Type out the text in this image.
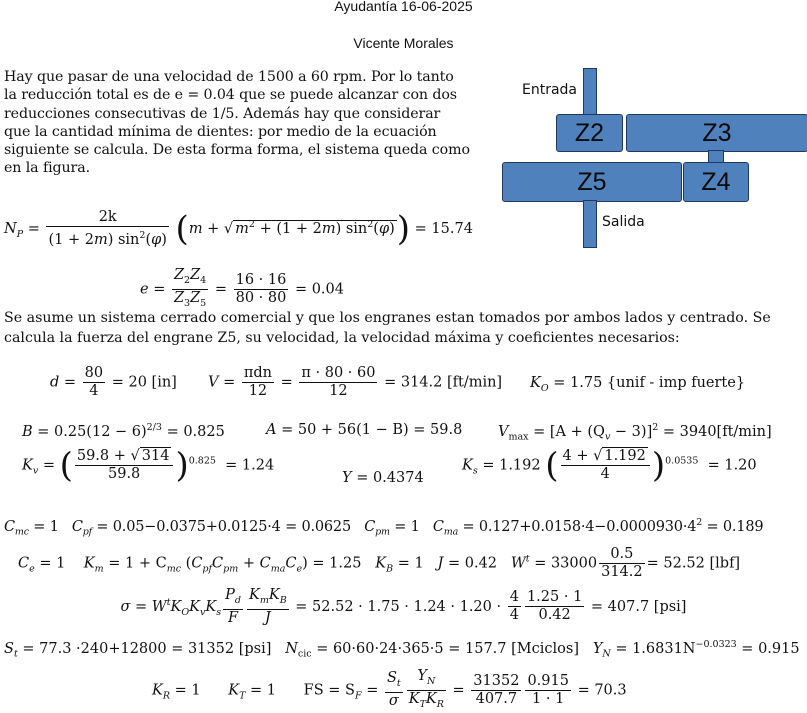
Ayudantía 16-06-2025
Vicente Morales
Hay que pasar de una velocidad de 1500 a 60 rpm. Por lo tanto
la reducción total es de e = 0.04 que se puede alcanzar con dos
reducciones consecutivas de 1/5. Además hay que considerar
que la cantidad mínima de dientes: por medio de la ecuación
siguiente se calcula. De esta forma forma, el sistema queda como
en la figura.
Entrada
Z2	Z3
Z5	Z4
Salida
$N_P = \frac{2k}{(1 + 2m) \sin^2(\varphi)} (m$ + √ $m^2 + (1 + 2m) \sin^2(\varphi)) = 15.74$
$e = \frac{Z_2Z_4}{Z_3Z_5} = \frac{16 \cdot 16}{80 \cdot 80} = 0.04$
Se asume un sistema cerrado comercial y que los engranes estan tomados por ambos lados y centrado. Se
calcula la fuerza del engrane Z5, su velocidad, la velocidad máxima y coeficientes necesarios:
$d = \frac{80}{4} = 20$ [in] $V = \frac{\text{πdn}}{12} = \frac{\pi \cdot 80 \cdot 60}{12} = 314.2$ [ft/min] $K_O = 1.75$ {unif - imp fuerte}
$B = 0.25(12 - 6)^{2/3} = 0.825$	A = 50 + 56(1 − B) = 59.8 $V_{max} = [A + (Q_v - 3)]^2 = 3940[ft/\min]$
$K_v$ = ( $\frac{59.8 + √ 314}{59.8} )^{0.825} = 1.24$
Y = 0.4374
$K_s = 1.192$ ( $\frac{4 + √ 1.192}{4} )^{0.0535} = 1.20$
$C_{mc} = 1$ $C_{pf} = 0.05-0.0375+0.0125\cdot 4 = 0.0625$ $C_{pm} = 1$ $C_{ma} = 0.127+0.0158\cdot 4-0.0000930\cdot 4^2 = 0.189$
$C_e = 1$ $K_m = 1 + C_{mc}$ $(C_{pf}C_{pm} + C_{ma}C_e) = 1.25$ $K_B = 1$ J = 0.42 $W^t = 33000 \frac{0.5}{314.2} = 52.52$ [lbf]
$\sigma = W^tK_OK_vK_s \frac{P_d}{F} \frac{K_mK_B}{J} = 52.52 \cdot 1.75 \cdot 1.24 \cdot 1.20 \cdot \frac{4}{4} \frac{1.25 \cdot 1}{0.42} = 407.7$ [psi]
$S_t = 77.3 \cdot 240+12800 = 31352$ [psi] $N_{cic} = 60\cdot 60\cdot 24\cdot 365\cdot 5 = 157.7$ [Mciclos] $Y_N = 1.6831N^{-0.0323} = 0.915$
$K_R = 1$ $K_T = 1$      FS = $S_F = \frac{S_t}{\sigma} \frac{Y_N}{K_TK_R} = \frac{31352}{407.7} \frac{0.915}{1 \cdot 1} = 70.3$
